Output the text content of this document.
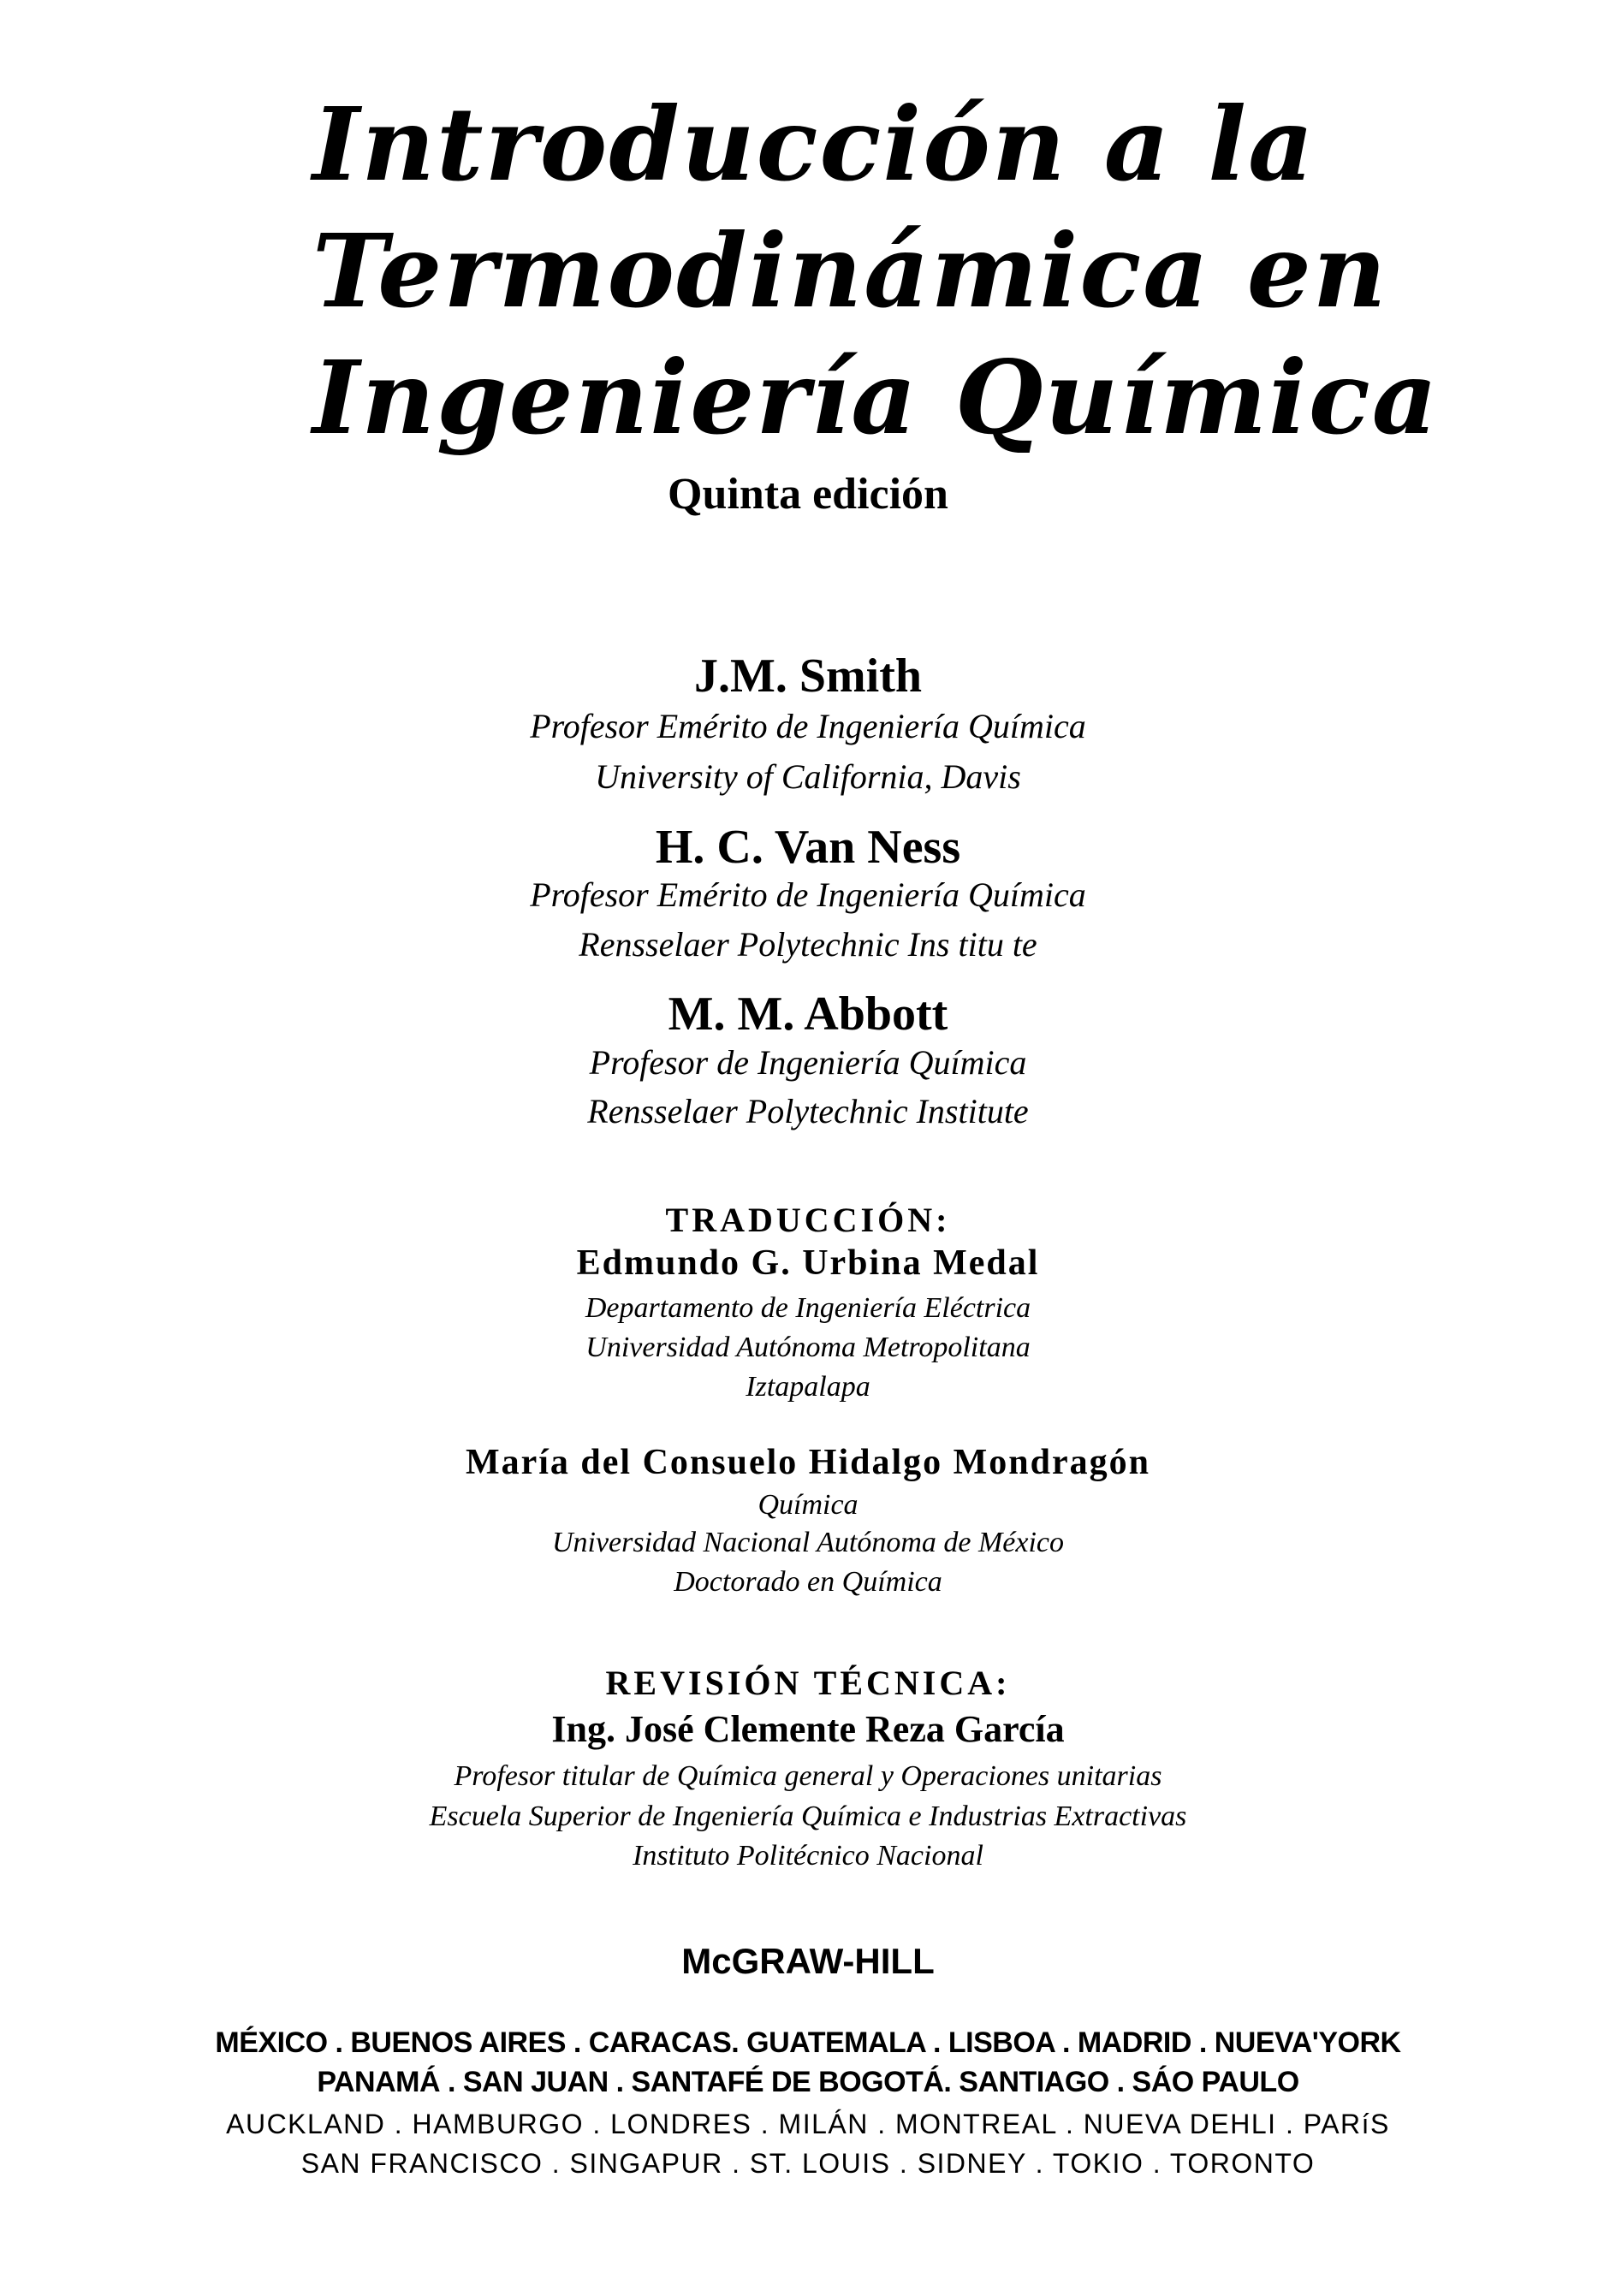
Introducción a la
Termodinámica en
Ingeniería Química
Quinta edición
J.M. Smith
Profesor Emérito de Ingeniería Química
University of California, Davis
H. C. Van Ness
Profesor Emérito de Ingeniería Química
Rensselaer Polytechnic Ins titu te
M. M. Abbott
Profesor de Ingeniería Química
Rensselaer Polytechnic Institute
TRADUCCIÓN:
Edmundo G. Urbina Medal
Departamento de Ingeniería Eléctrica
Universidad Autónoma Metropolitana
Iztapalapa
María del Consuelo Hidalgo Mondragón
Química
Universidad Nacional Autónoma de México
Doctorado en Química
REVISIÓN TÉCNICA:
Ing. José Clemente Reza García
Profesor titular de Química general y Operaciones unitarias
Escuela Superior de Ingeniería Química e Industrias Extractivas
Instituto Politécnico Nacional
McGRAW-HILL
MÉXICO . BUENOS AIRES . CARACAS. GUATEMALA . LISBOA . MADRID . NUEVA'YORK
PANAMÁ . SAN JUAN . SANTAFÉ DE BOGOTÁ. SANTIAGO . SÁO PAULO
AUCKLAND . HAMBURGO . LONDRES . MILÁN . MONTREAL . NUEVA DEHLI . PARíS
SAN FRANCISCO . SINGAPUR . ST. LOUIS . SIDNEY . TOKIO . TORONTO
